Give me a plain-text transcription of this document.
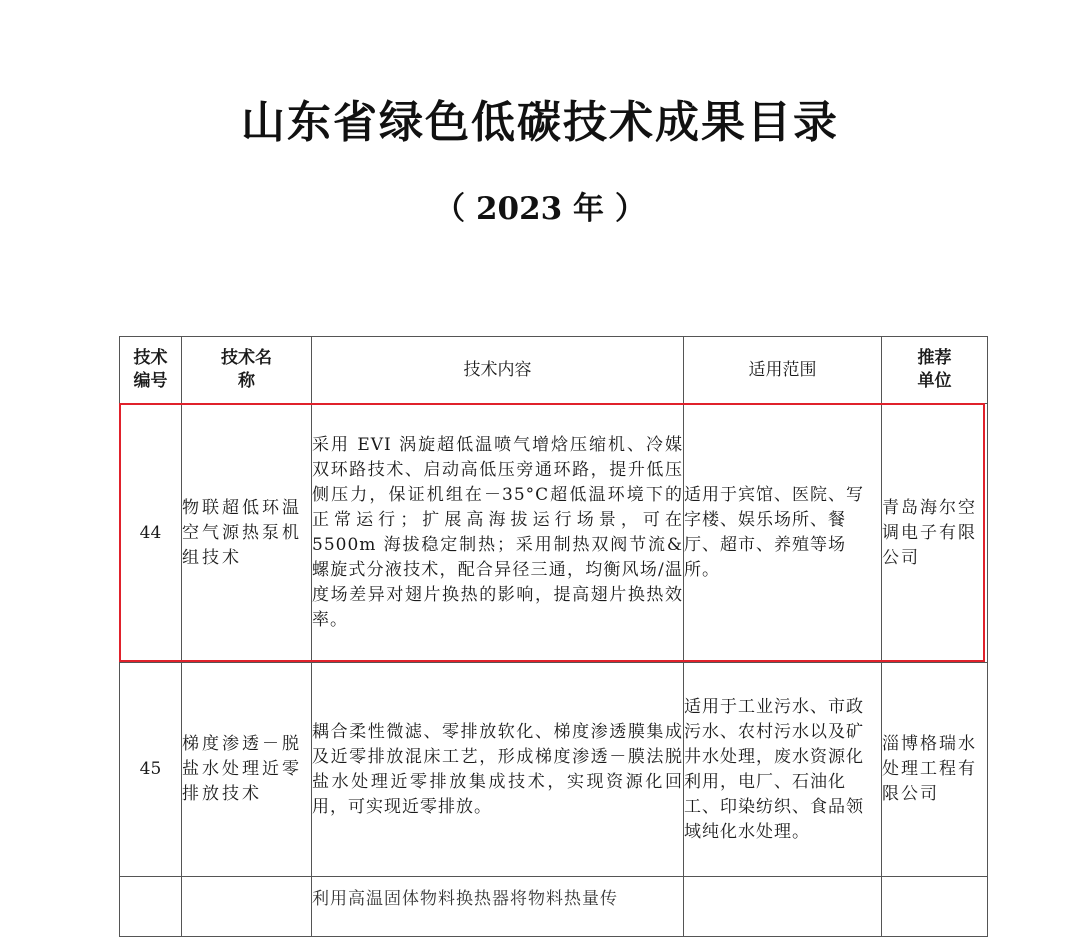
山东省绿色低碳技术成果目录
（ 2023 年 ）
技术编号	技术名称	技术内容	适用范围	推荐单位
44	物联超低环温空气源热泵机组技术	采用 EVI 涡旋超低温喷气增焓压缩机、冷媒双环路技术、启动高低压旁通环路，提升低压侧压力，保证机组在－35°C超低温环境下的正常运行；扩展高海拔运行场景，可在 5500m 海拔稳定制热；采用制热双阀节流&螺旋式分液技术，配合异径三通，均衡风场/温度场差异对翅片换热的影响，提高翅片换热效率。	适用于宾馆、医院、写字楼、娱乐场所、餐厅、超市、养殖等场所。	青岛海尔空调电子有限公司
45	梯度渗透－脱盐水处理近零排放技术	耦合柔性微滤、零排放软化、梯度渗透膜集成及近零排放混床工艺，形成梯度渗透－膜法脱盐水处理近零排放集成技术，实现资源化回用，可实现近零排放。	适用于工业污水、市政污水、农村污水以及矿井水处理，废水资源化利用，电厂、石油化工、印染纺织、食品领域纯化水处理。	淄博格瑞水处理工程有限公司
		利用高温固体物料换热器将物料热量传		
